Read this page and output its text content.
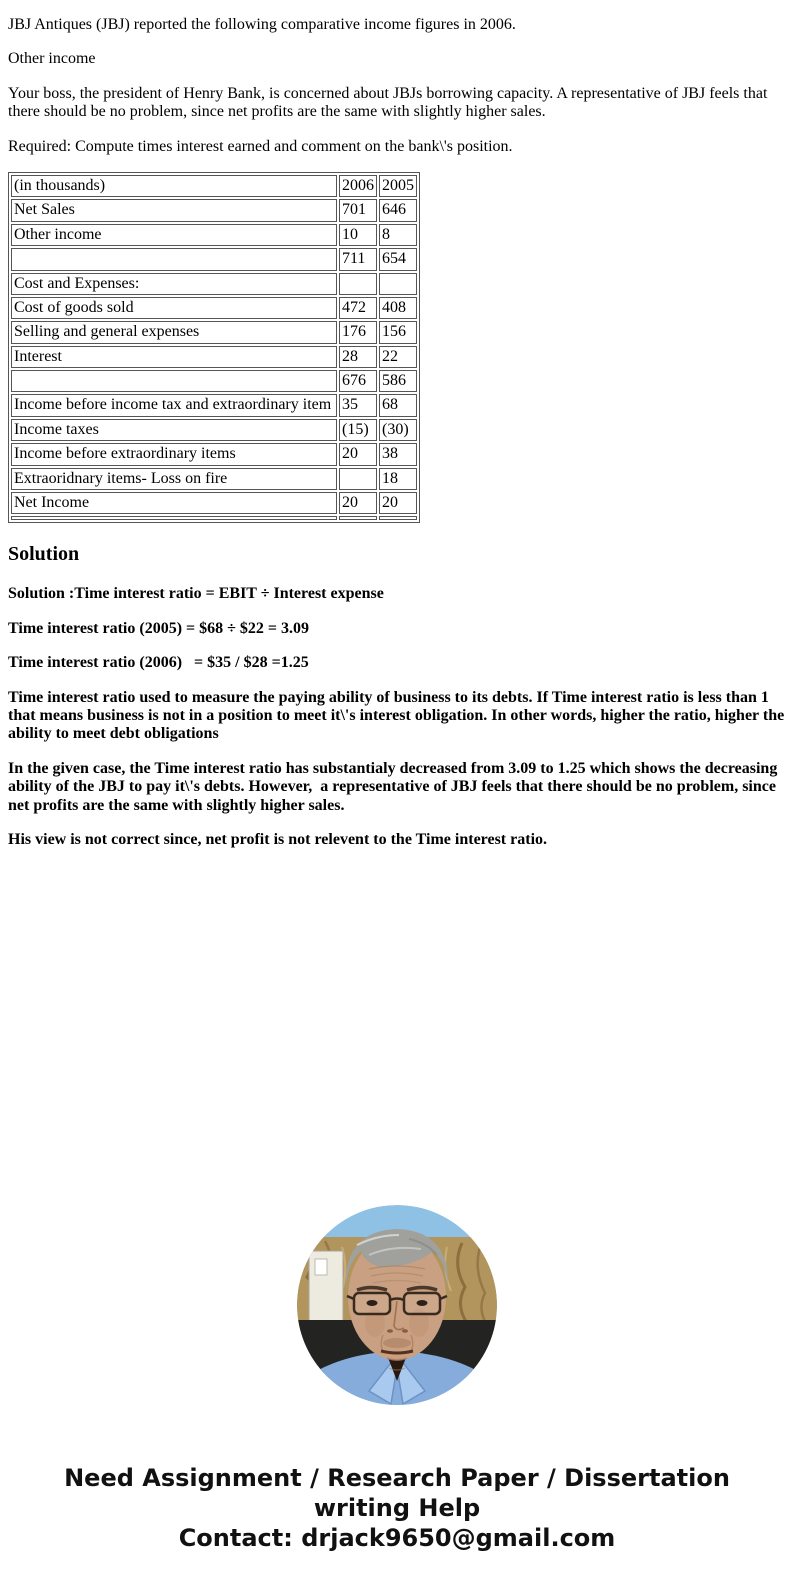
JBJ Antiques (JBJ) reported the following comparative income figures in 2006.

Other income

Your boss, the president of Henry Bank, is concerned about JBJs borrowing capacity. A representative of JBJ feels that there should be no problem, since net profits are the same with slightly higher sales.

Required: Compute times interest earned and comment on the bank\'s position.

(in thousands)	2006	2005
Net Sales	701	646
Other income	10	8
	711	654
Cost and Expenses:		
Cost of goods sold	472	408
Selling and general expenses	176	156
Interest	28	22
	676	586
Income before income tax and extraordinary item	35	68
Income taxes	(15)	(30)
Income before extraordinary items	20	38
Extraoridnary items- Loss on fire		18
Net Income	20	20

Solution

Solution :Time interest ratio = EBIT ÷ Interest expense

Time interest ratio (2005) = $68 ÷ $22 = 3.09

Time interest ratio (2006)   = $35 / $28 =1.25

Time interest ratio used to measure the paying ability of business to its debts. If Time interest ratio is less than 1 that means business is not in a position to meet it\'s interest obligation. In other words, higher the ratio, higher the ability to meet debt obligations

In the given case, the Time interest ratio has substantialy decreased from 3.09 to 1.25 which shows the decreasing ability of the JBJ to pay it\'s debts. However,  a representative of JBJ feels that there should be no problem, since net profits are the same with slightly higher sales.

His view is not correct since, net profit is not relevent to the Time interest ratio.

Need Assignment / Research Paper / Dissertation
writing Help
Contact: drjack9650@gmail.com
